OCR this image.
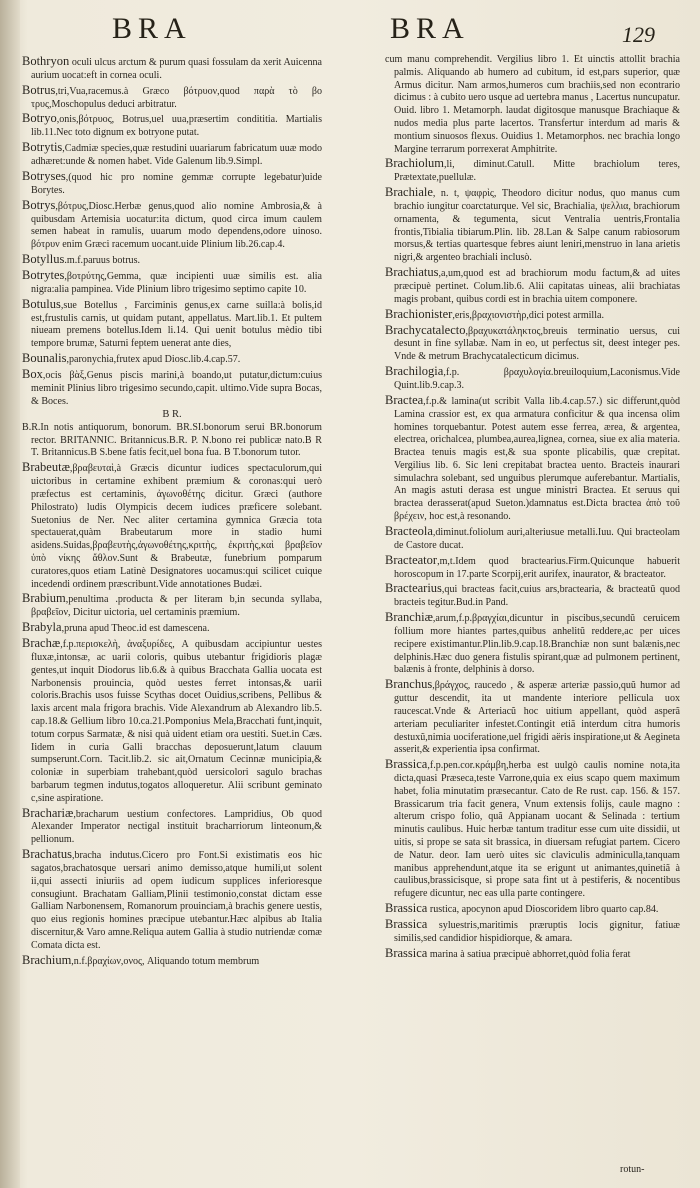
BRA	BRA	129

Bothryon oculi ulcus arctum & purum quasi fossulam da xerit Auicenna aurium uocat:eft in cornea oculi.

Botrus,tri,Vua,racemus.à Græco βότρυον,quod παρὰ τὸ βο τρυς,Moschopulus deduci arbitratur.

Botryo,onis,βότρυος, Botrus,uel uua,præsertim condititia. Martialis lib.11.Nec toto dignum ex botryone putat.

Botrytis,Cadmiæ species,quæ restudini uuariarum fabricatum uuæ modo adhæret:unde & nomen habet. Vide Galenum lib.9.Simpl.

Botryses,(quod hic pro nomine gemmæ corrupte legebatur)uide Borytes.

Botrys,βότρυς,Diosc.Herbæ genus,quod alio nomine Ambrosia,& à quibusdam Artemisia uocatur:ita dictum, quod circa imum caulem semen habeat in ramulis, uuarum modo dependens,odore uinoso. βότρυν enim Græci racemum uocant.uide Plinium lib.26.cap.4.

Botyllus.m.f.paruus botrus.

Botrytes,βοτρύτης,Gemma, quæ incipienti uuæ similis est. alia nigra:alia pampinea. Vide Plinium libro trigesimo septimo capite 10.

Botulus,sue Botellus , Farciminis genus,ex carne suilla:à bolis,id est,frustulis carnis, ut quidam putant, appellatus. Mart.lib.1. Et pultem niueam premens botellus.Idem li.14. Qui uenit botulus mèdio tibi tempore brumæ, Saturni feptem uenerat ante dies,

Bounalis,paronychia,frutex apud Diosc.lib.4.cap.57.

Box,ocis βὰξ,Genus piscis marini,à boando,ut putatur,dictum:cuius meminit Plinius libro trigesimo secundo,capit. ultimo.Vide supra Bocas, & Boces.

B R.

B.R.In notis antiquorum, bonorum. BR.SI.bonorum serui BR.bonorum rector. BRITANNIC. Britannicus.B.R. P. N.bono rei publicæ nato.B R T. Britannicus.B S.bene fatis fecit,uel bona fua. B T.bonorum tutor.

Brabeutæ,βραβευταὶ,à Græcis dicuntur iudices spectaculorum,qui uictoribus in certamine exhibent præmium & coronas:qui uerò præfectus est certaminis, ἀγωνοθέτης dicitur. Græci (authore Philostrato) ludis Olympicis decem iudices præficere solebant. Suetonius de Ner. Nec aliter certamina gymnica Græcia tota spectauerat,quàm Brabeutarum more in stadio humi asidens.Suidas,βραβευτὴς,ἀγωνοθέτης,κριτὴς, ἐκριτὴς,καὶ βραβεῖον ὑπὸ νίκης ἄθλον.Sunt & Brabeutæ, funebrium pomparum curatores,quos etiam Latinè Designatores uocamus:qui scilicet cuique incedendi ordinem præscribunt.Vide annotationes Budæi.

Brabium,penultima .producta & per literam b,in secunda syllaba, βραβεῖον, Dicitur uictoria, uel certaminis præmium.

Brabyla,pruna apud Theoc.id est damescena.

Brachæ,f.p.περισκελὴ, ἀναξυρίδες, A quibusdam accipiuntur uestes fluxæ,intonsæ, ac uarii coloris, quibus utebantur frigidioris plagæ gentes,ut inquit Diodorus lib.6.& à quibus Bracchata Gallia uocata est Narbonensis prouincia, quòd uestes ferret intonsas,& uarii coloris.Brachis usos fuisse Scythas docet Ouidius,scribens, Pellibus & laxis arcent mala frigora brachis. Vide Alexandrum ab Alexandro lib.5. cap.18.& Gellium libro 10.ca.21.Pomponius Mela,Bracchati funt,inquit, totum corpus Sarmatæ, & nisi quà uident etiam ora uestiti. Suet.in Cæs. Iidem in curia Galli bracchas deposuerunt,latum clauum sumpserunt.Corn. Tacit.lib.2. sic ait,Ornatum Cecinnæ municipia,& coloniæ in superbiam trahebant,quòd uersicolori sagulo brachas barbarum tegmen indutus,togatos alloqueretur. Alii scribunt geminato c,sine aspiratione.

Brachariæ,bracharum uestium confectores. Lampridius, Ob quod Alexander Imperator nectigal instituit bracharriorum linteonum,& pellionum.

Brachatus,bracha indutus.Cicero pro Font.Si existimatis eos hic sagatos,brachatosque uersari animo demisso,atque humili,ut solent ii,qui assecti iniuriis ad opem iudicum supplices inferioresque consugiunt. Brachatam Galliam,Plinii testimonio,constat dictam esse Galliam Narbonensem, Romanorum prouinciam,à brachis genere uestis, quo eius regionis homines præcipue utebantur.Hæc alpibus ab Italia discernitur,& Varo amne.Reliqua autem Gallia à studio nutriendæ comæ Comata dicta est.

Brachium,n.f.βραχίων,ονος, Aliquando totum membrum

cum manu comprehendit. Vergilius libro 1. Et uinctis attollit brachia palmis. Aliquando ab humero ad cubitum, id est,pars superior, quæ Armus dicitur. Nam armos,humeros cum brachiis,sed non econtrario dicimus : à cubito uero usque ad uertebra manus , Lacertus nuncupatur. Ouid. libro 1. Metamorph. laudat digitosque manusque Brachiaque & nudos media plus parte lacertos. Transfertur interdum ad maris & montium sinuosos flexus. Ouidius 1. Metamorphos. nec brachia longo Margine terrarum porrexerat Amphitrite.

Brachiolum,li, diminut.Catull. Mitte brachiolum teres, Prætextate,puellulæ.

Brachiale, n. t, ψαφρὶς, Theodoro dicitur nodus, quo manus cum brachio iungitur coarctaturque. Vel sic, Brachialia, ψελλια, brachiorum ornamenta, & tegumenta, sicut Ventralia uentris,Frontalia frontis,Tibialia tibiarum.Plin. lib. 28.Lan & Salpe canum rabiosorum morsus,& tertias quartesque febres aiunt leniri,menstruo in lana arietis nigri,& argenteo brachiali inclusò.

Brachiatus,a,um,quod est ad brachiorum modu factum,& ad uites præcipuè pertinet. Colum.lib.6. Alii capitatas uineas, alii brachiatas magis probant, quibus cordi est in brachia uitem componere.

Brachionister,eris,βραχιονιστὴρ,dici potest armilla.

Brachycatalecto,βραχυκατάληκτος,breuis terminatio uersus, cui desunt in fine syllabæ. Nam in eo, ut perfectus sit, deest integer pes. Vnde & metrum Brachycatalecticum dicimus.

Brachilogia,f.p. βραχυλογία.breuiloquium,Laconismus.Vide Quint.lib.9.cap.3.

Bractea,f.p.& lamina(ut scribit Valla lib.4.cap.57.) sic differunt,quòd Lamina crassior est, ex qua armatura conficitur & qua incensa olim homines torquebantur. Potest autem esse ferrea, ærea, & argentea, electrea, orichalcea, plumbea,aurea,lignea, cornea, siue ex alia materia. Bractea tenuis magis est,& sua sponte plicabilis, quæ crepitat. Vergilius lib. 6. Sic leni crepitabat bractea uento. Bracteis inaurari simulachra solebant, sed unguibus plerumque auferebantur. Martialis, An magis astuti derasa est ungue ministri Bractea. Et seruus qui bractea derasserat(apud Sueton.)damnatus est.Dicta bractea ἀπὸ τοῦ βρέχειν, hoc est,à resonando.

Bracteola,diminut.foliolum auri,alteriusue metalli.Iuu. Qui bracteolam de Castore ducat.

Bracteator,m,t.Idem quod bractearius.Firm.Quicunque habuerit horoscopum in 17.parte Scorpij,erit aurifex, inaurator, & bracteator.

Bractearius,qui bracteas facit,cuius ars,bractearia, & bracteatũ quod bracteis tegitur.Bud.in Pand.

Branchiæ,arum,f.p.βραγχίαι,dicuntur in piscibus,secundũ ceruicem follium more hiantes partes,quibus anhelitũ reddere,ac per uices recipere existimantur.Plin.lib.9.cap.18.Branchiæ non sunt balænis,nec delphinis.Hæc duo genera fistulis spirant,quæ ad pulmonem pertinent, balænis à fronte, delphinis à dorso.

Branchus,βράγχος, raucedo , & asperæ arteriæ passio,quũ humor ad guttur descendit, ita ut mandente interiore pellicula uox raucescat.Vnde & Arteriacũ hoc uitium appellant, quòd asperã arteriam peculiariter infestet.Contingit etiã interdum citra humoris destuxũ,nimia uociferatione,uel frigidi aëris inspiratione,ut & Aegineta asserit,& experientia ipsa confirmat.

Brassica,f.p.pen.cor.κράμβη,herba est uulgò caulis nomine nota,ita dicta,quasi Præseca,teste Varrone,quia ex eius scapo quem maximum habet, folia minutatim præsecantur. Cato de Re rust. cap. 156. & 157. Brassicarum tria facit genera, Vnum extensis folijs, caule magno : alterum crispo folio, quã Appianam uocant & Selinada : tertium minutis caulibus. Huic herbæ tantum traditur esse cum uite dissidii, ut uitis, si prope se sata sit brassica, in diuersam refugiat partem. Cicero de Natur. deor. Iam uerò uites sic claviculis adminiculla,tanquam manibus apprehendunt,atque ita se erigunt ut animantes,quinetiã à caulibus,brassicisque, si prope sata fint ut à pestiferis, & nocentibus refugere dicuntur, nec eas ulla parte contingere.

Brassica rustica, apocynon apud Dioscoridem libro quarto cap.84.

Brassica syluestris,maritimis præruptis locis gignitur, fatiuæ similis,sed candidior hispidiorque, & amara.

Brassica marina à satiua præcipuè abhorret,quòd folia ferat

rotun-
